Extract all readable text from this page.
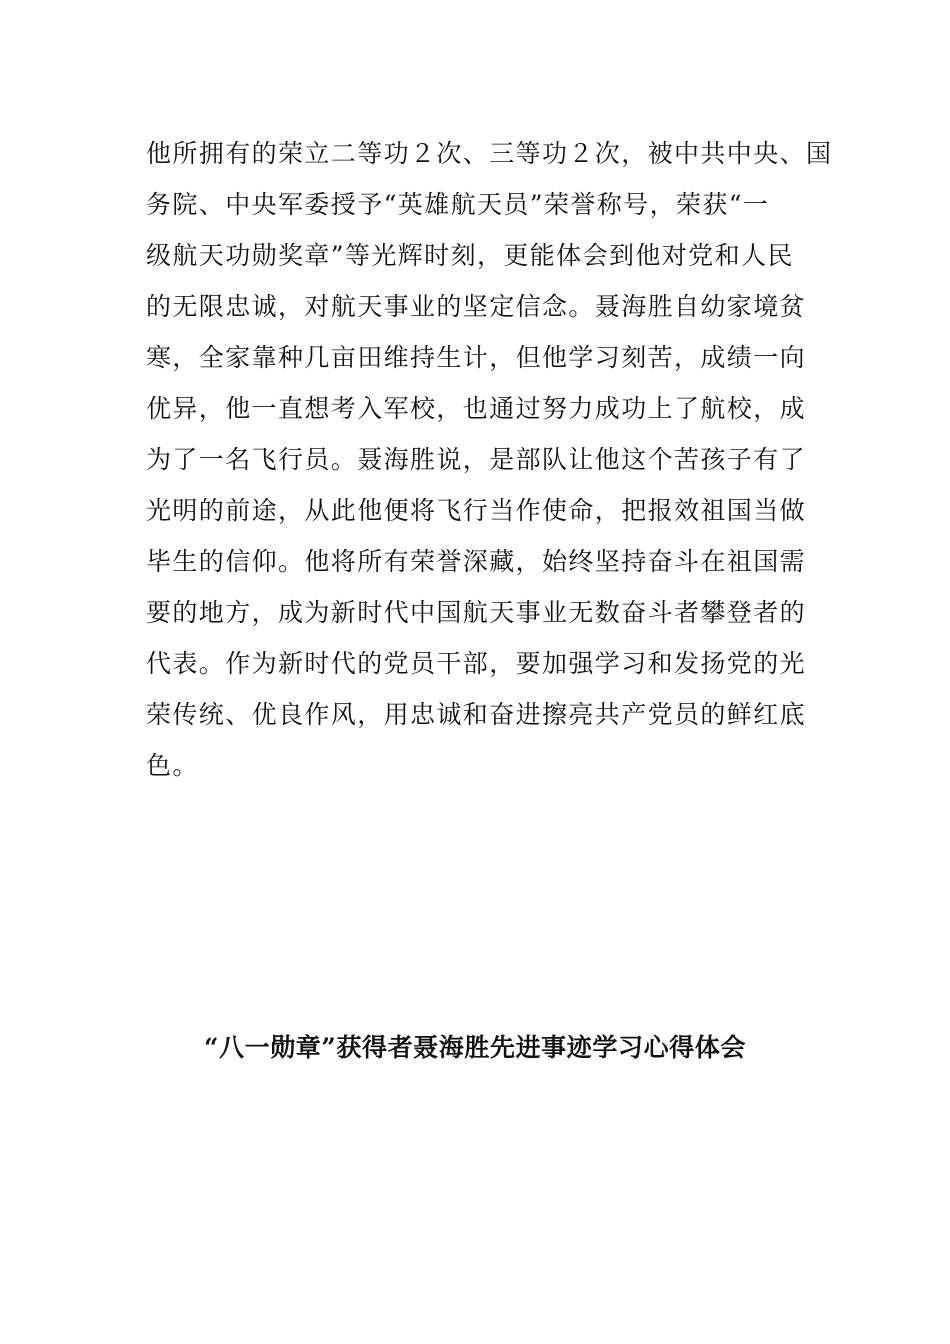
他所拥有的荣立二等功２次、三等功２次，被中共中央、国
务院、中央军委授予“英雄航天员”荣誉称号，荣获“一
级航天功勋奖章”等光辉时刻，更能体会到他对党和人民
的无限忠诚，对航天事业的坚定信念。聂海胜自幼家境贫
寒，全家靠种几亩田维持生计，但他学习刻苦，成绩一向
优异，他一直想考入军校，也通过努力成功上了航校，成
为了一名飞行员。聂海胜说，是部队让他这个苦孩子有了
光明的前途，从此他便将飞行当作使命，把报效祖国当做
毕生的信仰。他将所有荣誉深藏，始终坚持奋斗在祖国需
要的地方，成为新时代中国航天事业无数奋斗者攀登者的
代表。作为新时代的党员干部，要加强学习和发扬党的光
荣传统、优良作风，用忠诚和奋进擦亮共产党员的鲜红底
色。
“八一勋章”获得者聂海胜先进事迹学习心得体会
